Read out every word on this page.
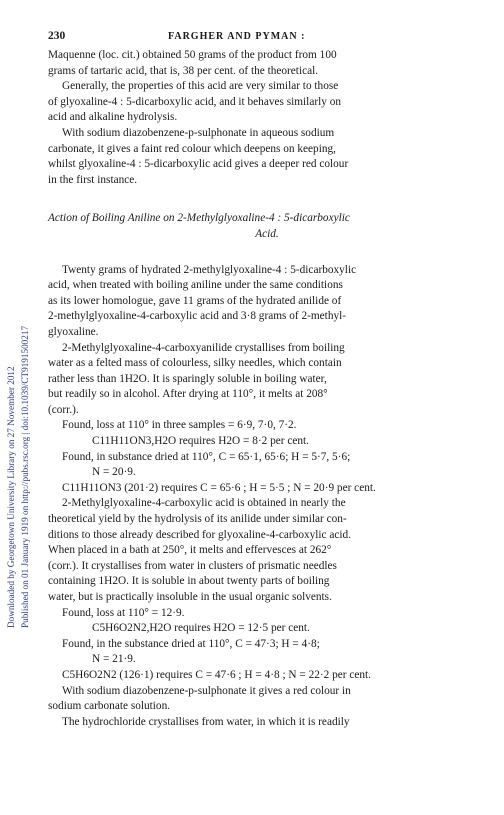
Downloaded by Georgetown University Library on 27 November 2012 Published on 01 January 1919 on http://pubs.rsc.org | doi:10.1039/CT9191500217
230	FARGHER AND PYMAN :

Maquenne (loc. cit.) obtained 50 grams of the product from 100

grams of tartaric acid, that is, 38 per cent. of the theoretical.

Generally, the properties of this acid are very similar to those

of glyoxaline-4 : 5-dicarboxylic acid, and it behaves similarly on

acid and alkaline hydrolysis.

With sodium diazobenzene-p-sulphonate in aqueous sodium

carbonate, it gives a faint red colour which deepens on keeping,

whilst glyoxaline-4 : 5-dicarboxylic acid gives a deeper red colour

in the first instance.

Action of Boiling Aniline on 2-Methylglyoxaline-4 : 5-dicarboxylic
Acid.

Twenty grams of hydrated 2-methylglyoxaline-4 : 5-dicarboxylic

acid, when treated with boiling aniline under the same conditions

as its lower homologue, gave 11 grams of the hydrated anilide of

2-methylglyoxaline-4-carboxylic acid and 3·8 grams of 2-methyl-

glyoxaline.

2-Methylglyoxaline-4-carboxyanilide crystallises from boiling

water as a felted mass of colourless, silky needles, which contain

rather less than 1H2O. It is sparingly soluble in boiling water,

but readily so in alcohol. After drying at 110°, it melts at 208°

(corr.).

Found, loss at 110° in three samples = 6·9, 7·0, 7·2.

C11H11ON3,H2O requires H2O = 8·2 per cent.

Found, in substance dried at 110°, C = 65·1, 65·6; H = 5·7, 5·6;

N = 20·9.

C11H11ON3 (201·2) requires C = 65·6 ; H = 5·5 ; N = 20·9 per cent.

2-Methylglyoxaline-4-carboxylic acid is obtained in nearly the

theoretical yield by the hydrolysis of its anilide under similar con-

ditions to those already described for glyoxaline-4-carboxylic acid.

When placed in a bath at 250°, it melts and effervesces at 262°

(corr.). It crystallises from water in clusters of prismatic needles

containing 1H2O. It is soluble in about twenty parts of boiling

water, but is practically insoluble in the usual organic solvents.

Found, loss at 110° = 12·9.

C5H6O2N2,H2O requires H2O = 12·5 per cent.

Found, in the substance dried at 110°, C = 47·3; H = 4·8;

N = 21·9.

C5H6O2N2 (126·1) requires C = 47·6 ; H = 4·8 ; N = 22·2 per cent.

With sodium diazobenzene-p-sulphonate it gives a red colour in

sodium carbonate solution.

The hydrochloride crystallises from water, in which it is readily
